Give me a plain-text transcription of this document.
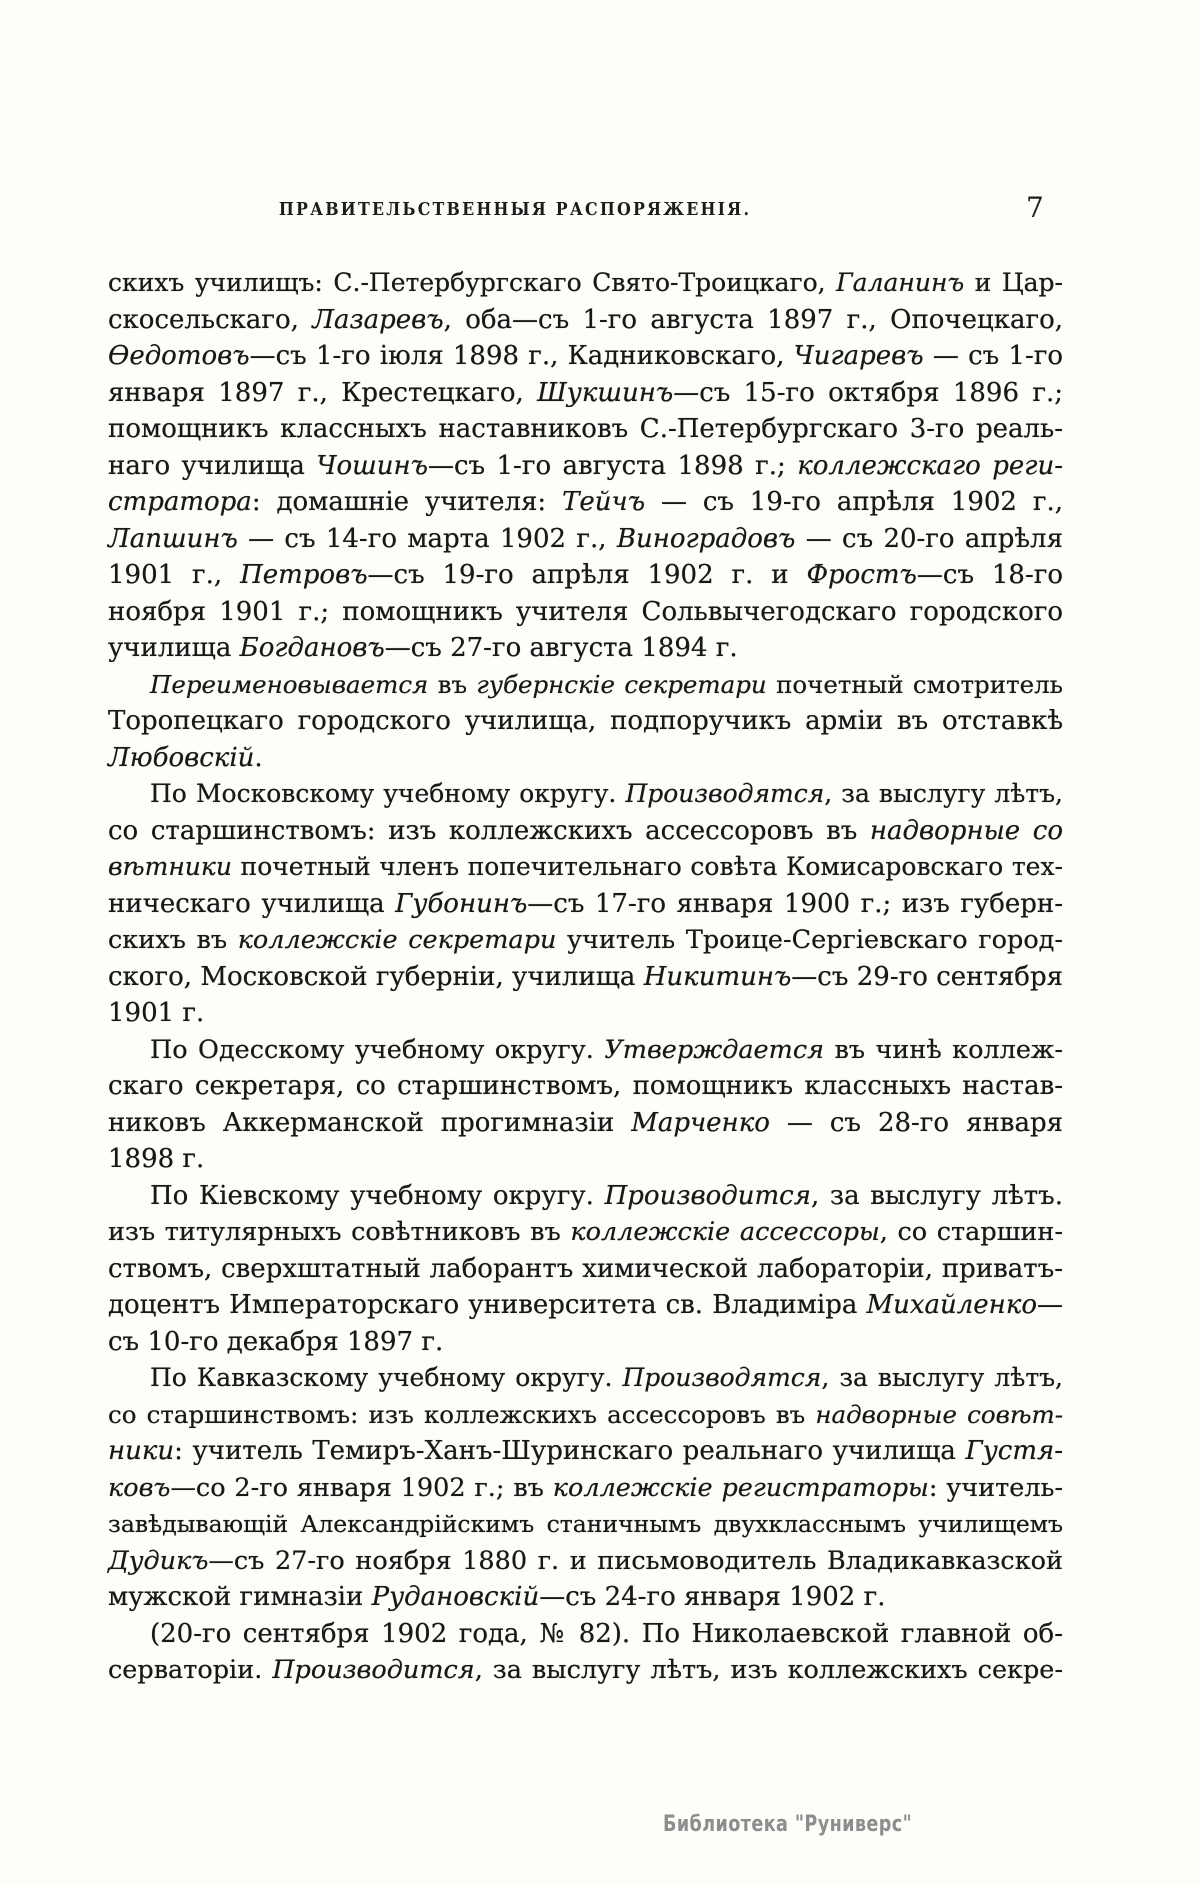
ПРАВИТЕЛЬСТВЕННЫЯ РАСПОРЯЖЕНІЯ.	7
скихъ училищъ: С.-Петербургскаго Свято-Троицкаго, Галанинъ и Цар-
скосельскаго, Лазаревъ, оба—съ 1-го августа 1897 г., Опочецкаго,
Ѳедотовъ—съ 1-го іюля 1898 г., Кадниковскаго, Чигаревъ — съ 1-го
января 1897 г., Крестецкаго, Шукшинъ—съ 15-го октября 1896 г.;
помощникъ классныхъ наставниковъ С.-Петербургскаго 3-го реаль-
наго училища Чошинъ—съ 1-го августа 1898 г.; коллежскаго реги-
стратора: домашніе учителя: Тейчъ — съ 19-го апрѣля 1902 г.,
Лапшинъ — съ 14-го марта 1902 г., Виноградовъ — съ 20-го апрѣля
1901 г., Петровъ—съ 19-го апрѣля 1902 г. и Фростъ—съ 18-го
ноября 1901 г.; помощникъ учителя Сольвычегодскаго городского
училища Богдановъ—съ 27-го августа 1894 г.
Переименовывается въ губернскіе секретари почетный смотритель
Торопецкаго городского училища, подпоручикъ арміи въ отставкѣ
Любовскій.
По Московскому учебному округу. Производятся, за выслугу лѣтъ,
со старшинствомъ: изъ коллежскихъ ассессоровъ въ надворные со
вѣтники почетный членъ попечительнаго совѣта Комисаровскаго тех-
ническаго училища Губонинъ—съ 17-го января 1900 г.; изъ губерн-
скихъ въ коллежскіе секретари учитель Троице-Сергіевскаго город-
ского, Московской губерніи, училища Никитинъ—съ 29-го сентября
1901 г.
По Одесскому учебному округу. Утверждается въ чинѣ коллеж-
скаго секретаря, со старшинствомъ, помощникъ классныхъ настав-
никовъ Аккерманской прогимназіи Марченко — съ 28-го января
1898 г.
По Кіевскому учебному округу. Производится, за выслугу лѣтъ.
изъ титулярныхъ совѣтниковъ въ коллежскіе ассессоры, со старшин-
ствомъ, сверхштатный лаборантъ химической лабораторіи, приватъ-
доцентъ Императорскаго университета св. Владиміра Михайленко—
съ 10-го декабря 1897 г.
По Кавказскому учебному округу. Производятся, за выслугу лѣтъ,
со старшинствомъ: изъ коллежскихъ ассессоровъ въ надворные совѣт-
ники: учитель Темиръ-Ханъ-Шуринскаго реальнаго училища Густя-
ковъ—со 2-го января 1902 г.; въ коллежскіе регистраторы: учитель-
завѣдывающій Александрійскимъ станичнымъ двухкласснымъ училищемъ
Дудикъ—съ 27-го ноября 1880 г. и письмоводитель Владикавказской
мужской гимназіи Рудановскій—съ 24-го января 1902 г.
(20-го сентября 1902 года, № 82). По Николаевской главной об-
серваторіи. Производится, за выслугу лѣтъ, изъ коллежскихъ секре-
Библиотека "Руниверс"
